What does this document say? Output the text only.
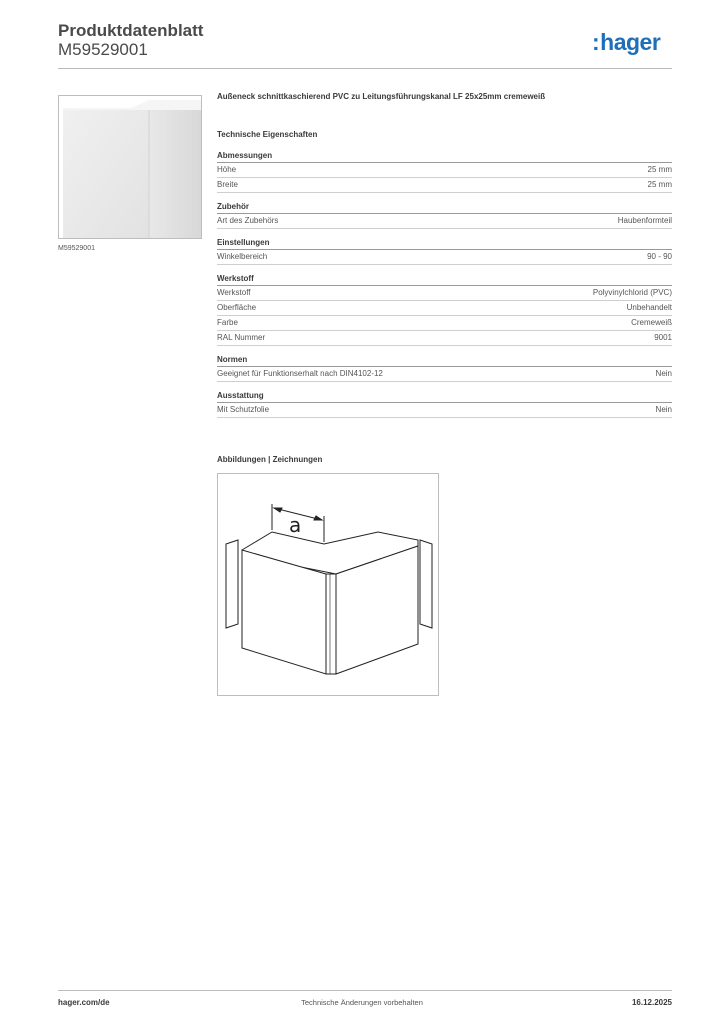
Produktdatenblatt
M59529001	:hager
M59529001
Außeneck schnittkaschierend PVC zu Leitungsführungskanal LF 25x25mm cremeweiß
Technische Eigenschaften
Abmessungen
Höhe	25 mm
Breite	25 mm
Zubehör
Art des Zubehörs	Haubenformteil
Einstellungen
Winkelbereich	90 - 90
Werkstoff
Werkstoff	Polyvinylchlorid (PVC)
Oberfläche	Unbehandelt
Farbe	Cremeweiß
RAL Nummer	9001
Normen
Geeignet für Funktionserhalt nach DIN4102-12	Nein
Ausstattung
Mit Schutzfolie	Nein
Abbildungen | Zeichnungen
a
hager.com/de	Technische Änderungen vorbehalten	16.12.2025
